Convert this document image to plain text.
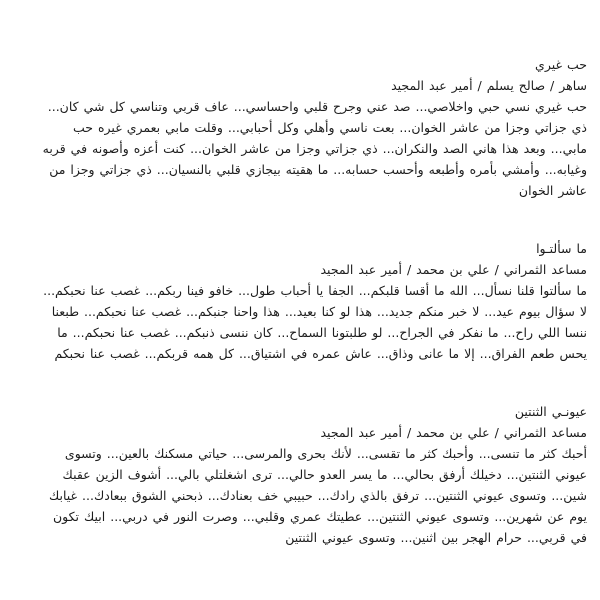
حب غيري
ساهر / صالح يسلم / أمير عبد المجيد
حب غيري نسي حبي واخلاصي... صد عني وجرح قلبي واحساسي... عاف قربي وتناسي كل شي كان... ذي جزاتي وجزا من عاشر الخوان... بعت ناسي وأهلي وكل أحبابي... وقلت مابي بعمري غيره حب مابي... وبعد هذا هاني الصد والنكران... ذي جزاتي وجزا من عاشر الخوان... كنت أعزه وأصونه في قربه وغيابه... وأمشي بأمره وأطبعه وأحسب حسابه... ما هقيته بيجازي قلبي بالنسيان... ذي جزاتي وجزا من عاشر الخوان
ما سألتـوا
مساعد الثمراني / علي بن محمد / أمير عبد المجيد
ما سألتوا قلنا نسأل... الله ما أقسا قلبكم... الجفا يا أحباب طول... خافو فينا ربكم... غصب عنا نحبكم... لا سؤال بيوم عيد... لا خبر منكم جديد... هذا لو كنا بعيد... هذا واحنا جنبكم... غصب عنا نحبكم... طبعنا ننسا اللي راح... ما نفكر في الجراح... لو طلبتونا السماح... كان ننسى ذنبكم... غصب عنا نحبكم... ما يحس طعم الفراق... إلا ما عانى وذاق... عاش عمره في اشتياق... كل همه قربكم... غصب عنا نحبكم
عيونـي الثنتين
مساعد الثمراني / علي بن محمد / أمير عبد المجيد
أحبك كثر ما تنسى... وأحبك كثر ما تقسى... لأنك بحرى والمرسى... حياتي مسكنك بالعين... وتسوى عيوني الثنتين... دخيلك أرفق بحالي... ما يسر العدو حالي... ترى اشغلتلي بالي... أشوف الزين عقبك شين... وتسوى عيوني الثنتين... ترفق بالذي رادك... حبيبي خف بعنادك... ذبحني الشوق ببعادك... غيابك يوم عن شهرين... وتسوى عيوني الثنتين... عطيتك عمري وقلبي... وصرت النور في دربي... ابيك تكون في قربي... حرام الهجر بين اثنين... وتسوى عيوني الثنتين
